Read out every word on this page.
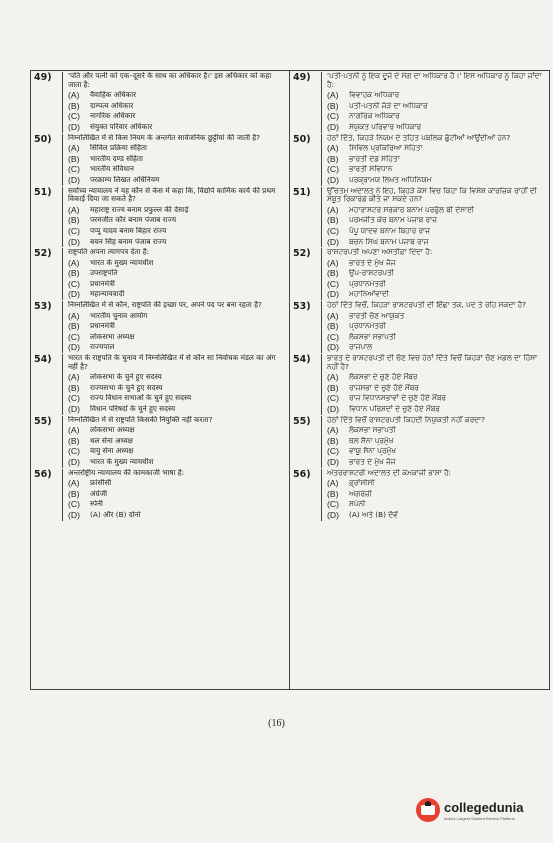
49)	'पति और पत्नी को एक–दूसरे के साथ का अधिकार है।' इस अधिकार को कहा जाता है:
(A)	वैवाहिक अधिकार
(B)	दाम्पत्य अधिकार
(C)	नागरिक अधिकार
(D)	संयुक्त परिवार अधिकार
50)	निम्नलिखित में से किस नियम के अन्तर्गत सार्वजनिक छुट्टीयां की जाती है?
(A)	सिविल प्रक्रिया संहिता
(B)	भारतीय दण्ड संहिता
(C)	भारतीय संविधान
(D)	परक्राम्य लिखत अधिनियम
51)	सर्वोच्च न्यायालय ने यह कौन से केस में कहा कि, विद्योपे कार्मिक कार्य की प्रथम विकाई दिया जा सकते है?
(A)	महाराष्ट्र राज्य बनाम प्रफुल्ल की देसाई
(B)	परमजीत कौर बनाम पंजाब राज्य
(C)	पप्पू यादव बनाम बिहार राज्य
(D)	बचन सिंह बनाम पंजाब राज्य
52)	राष्ट्रपति अपना त्यागपत्र देता है:
(A)	भारत के मुख्य न्यायधीश
(B)	उपराष्ट्रपति
(C)	प्रधानमंत्री
(D)	महान्यायवादी
53)	निम्नलिखित में से कौन, राष्ट्रपति की इच्छा पर, अपने पद पर बना रहता है?
(A)	भारतीय चुनाव आयोग
(B)	प्रधानमंत्री
(C)	लोकसभा अध्यक्ष
(D)	राज्यपाल
54)	भारत के राष्ट्रपति के चुनाव में निम्नलिखित में से कौन सा निर्वाचक मंडल का अंग नहीं है?
(A)	लोकसभा के चुने हुए सदस्य
(B)	राज्यसभा के चुने हुए सदस्य
(C)	राज्य विधान सभाओं के चुने हुए सदस्य
(D)	विधान परिषदों के चुने हुए सदस्य
55)	निम्नलिखित में से राष्ट्रपति किसकी नियुक्ति नहीं करता?
(A)	लोकसभा अध्यक्ष
(B)	थल सेना अध्यक्ष
(C)	वायु सेना अध्यक्ष
(D)	भारत के मुख्य न्यायधीश
56)	अन्तर्राष्ट्रीय न्यायालय की कामकाजी भाषा है:
(A)	फ्रांसीसी
(B)	अंग्रेजी
(C)	स्पेनी
(D)	(A) और (B) दोनो
49)	'ਪਤੀ-ਪਤਨੀ ਨੂੰ ਇਕ ਦੂਜੇ ਦੇ ਸੰਗ ਦਾ ਅਧਿਕਾਰ ਹੈ।' ਇਸ ਅਧਿਕਾਰ ਨੂੰ ਕਿਹਾ ਜਾਂਦਾ ਹੈ:
(A)	ਵਿਵਾਹਕ ਅਧਿਕਾਰ
(B)	ਪਤੀ-ਪਤਨੀ ਜੋੜੇ ਦਾ ਅਧਿਕਾਰ
(C)	ਨਾਗਰਿਕ ਅਧਿਕਾਰ
(D)	ਸੰਯੁਕਤ ਪਰਿਵਾਰ ਅਧਿਕਾਰ
50)	ਹੇਠਾਂ ਦਿੱਤੇ, ਕਿਹੜੇ ਨਿਯਮ ਦੇ ਤਹਿਤ ਪਬਲਿਕ ਛੁੱਟੀਆਂ ਆਉਂਦੀਆਂ ਹਨ?
(A)	ਸਿਵਿਲ ਪ੍ਰਕਿਰਿਆ ਸੰਹਿਤਾ
(B)	ਭਾਰਤੀ ਦੰਡ ਸੰਹਿਤਾ
(C)	ਭਾਰਤੀ ਸੰਵਿਧਾਨ
(D)	ਪਰਕ੍ਰਾਮਯ ਲਿਖਤ ਅਧਿਨਿਯਮ
51)	ਉੱਚਤਮ ਅਦਾਲਤ ਨੇ ਇਹ, ਕਿਹੜੇ ਕੇਸ ਵਿਚ ਕਿਹਾ ਕਿ ਵਿਸ਼ੇਸ਼ ਕਾਰਜ਼ਿਕ ਰਾਹੀਂ ਦੀ ਸਬੂਤ ਰਿਕਾਰਡ ਕੀਤੇ ਜਾ ਸਕਦੇ ਹਨ?
(A)	ਮਹਾਰਾਸ਼ਟਰ ਸਰਕਾਰ ਬਨਾਮ ਪਰਫੁੱਲ ਬੀ ਦੇਸਾਈ
(B)	ਪਰਮਜੀਤ ਕੌਰ ਬਨਾਮ ਪੰਜਾਬ ਰਾਜ
(C)	ਪੱਪੂ ਯਾਦਵ ਬਨਾਮ ਬਿਹਾਰ ਰਾਜ
(D)	ਬਚਨ ਸਿੰਘ ਬਨਾਮ ਪੰਜਾਬ ਰਾਜ
52)	ਰਾਸ਼ਟਰਪਤੀ ਅਪਣਾ ਅਸਤੀਫ਼ਾ ਦਿੰਦਾ ਹੈ:
(A)	ਭਾਰਤ ਦੇ ਮੁੱਖ ਜੱਜ
(B)	ਉਪ-ਰਾਸ਼ਟਰਪਤੀ
(C)	ਪ੍ਰਧਾਨਮੰਤਰੀ
(D)	ਮਹਾਨਿਆਂਵਾਦੀ
53)	ਹੇਠਾਂ ਦਿੱਤੇ ਵਿਚੋਂ, ਕਿਹੜਾ ਰਾਸ਼ਟਰਪਤੀ ਦੀ ਇੱਛਾ ਤਕ, ਪਦ ਤੇ ਰਹਿ ਸਕਦਾ ਹੈ?
(A)	ਭਾਰਤੀ ਚੋਣ ਆਯੁਕਤ
(B)	ਪ੍ਰਧਾਨਮੰਤਰੀ
(C)	ਲੋਕਸਭਾ ਸਭਾਪਤੀ
(D)	ਰਾਜਪਾਲ
54)	ਭਾਰਤ ਦੇ ਰਾਸ਼ਟਰਪਤੀ ਦੀ ਚੋਣ ਵਿਚ ਹੇਠਾਂ ਦਿੱਤੇ ਵਿਚੋਂ ਕਿਹੜਾ ਚੋਣ ਮੰਡਲ ਦਾ ਹਿੱਸਾ ਨਹੀਂ ਹੈ?
(A)	ਲੋਕਸਭਾ ਦੇ ਚੁਣੇ ਹੋਏ ਮੈਂਬਰ
(B)	ਰਾਜਸਭਾ ਦੇ ਚੁਣੇ ਹੋਏ ਮੈਂਬਰ
(C)	ਰਾਜ ਵਿਧਾਨਸਭਾਵਾਂ ਦੇ ਚੁਣੇ ਹੋਏ ਮੈਂਬਰ
(D)	ਵਿਧਾਨ ਪਰਿਸ਼ਦਾਂ ਦੇ ਚੁਣੇ ਹੋਏ ਮੈਂਬਰ
55)	ਹੇਠਾਂ ਦਿੱਤੇ ਵਿਚੋਂ ਰਾਸ਼ਟਰਪਤੀ ਕਿਹਦੀ ਨਿਯੁਕਤੀ ਨਹੀਂ ਕਰਦਾ?
(A)	ਲੋਕਸਭਾ ਸਭਾਪਤੀ
(B)	ਥਲ ਸੈਨਾ ਪ੍ਰਮੁੱਖ
(C)	ਵਾਯੂ ਸੈਨਾ ਪ੍ਰਮੁੱਖ
(D)	ਭਾਰਤ ਦੇ ਮੁੱਖ ਜੱਜ
56)	ਅੰਤਰਰਾਸ਼ਟਰੀ ਅਦਾਲਤ ਦੀ ਕੰਮਕਾਜੀ ਭਾਸ਼ਾ ਹੈ:
(A)	ਫ਼੍ਰਾਂਸੀਸੀ
(B)	ਅੰਗਰੇਜ਼ੀ
(C)	ਸਪੇਨੀ
(D)	(A) ਅਤੇ (B) ਦੋਵੇਂ
(16)
collegedunia
India's Largest Student Review Platform
